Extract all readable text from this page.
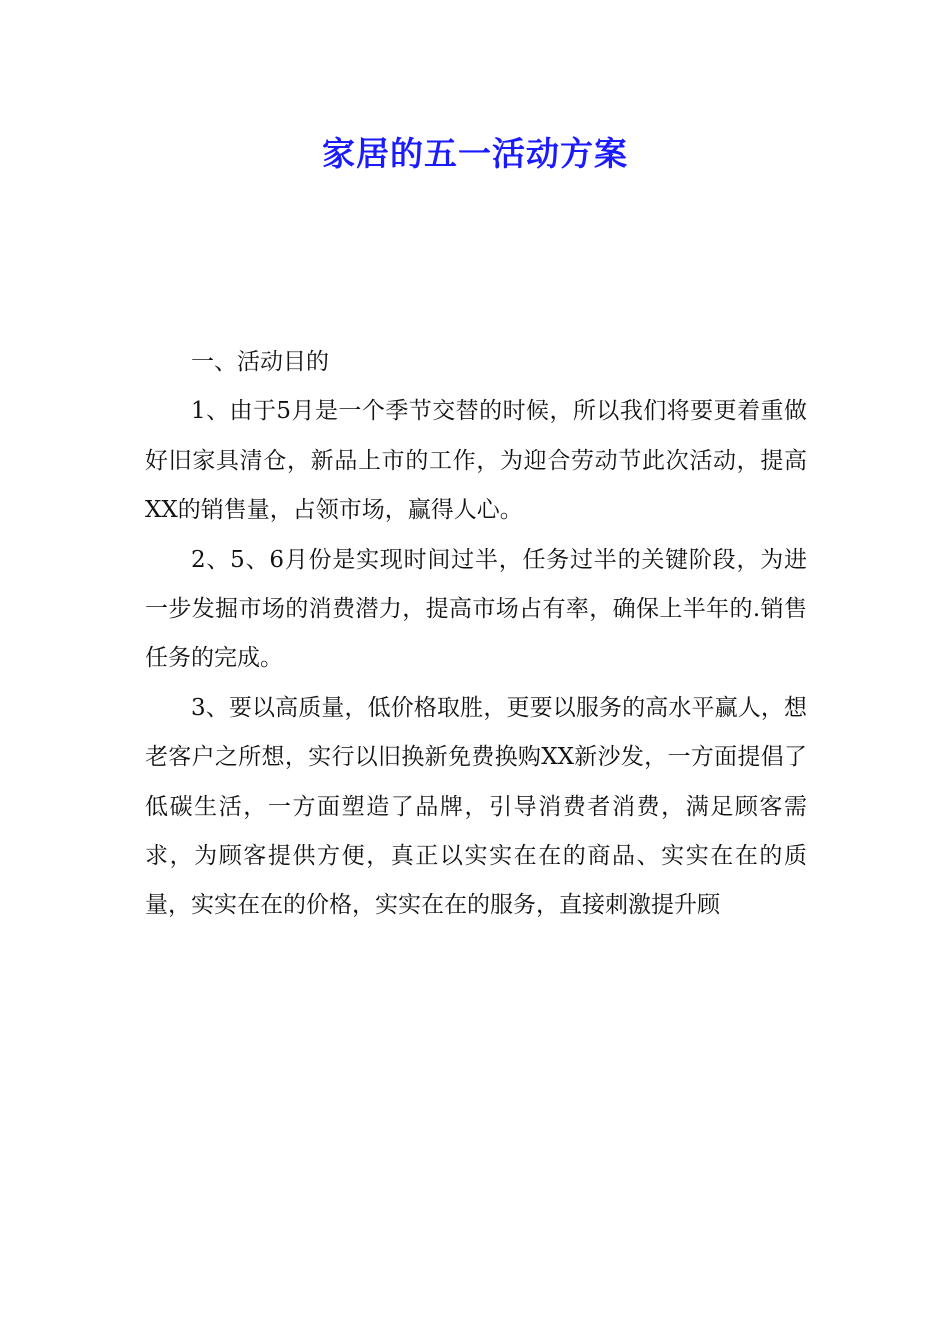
家居的五一活动方案

一、活动目的

1、由于5月是一个季节交替的时候，所以我们将要更着重做好旧家具清仓，新品上市的工作，为迎合劳动节此次活动，提高XX的销售量，占领市场，赢得人心。

2、5、6月份是实现时间过半，任务过半的关键阶段，为进一步发掘市场的消费潜力，提高市场占有率，确保上半年的.销售任务的完成。

3、要以高质量，低价格取胜，更要以服务的高水平赢人，想老客户之所想，实行以旧换新免费换购XX新沙发，一方面提倡了低碳生活，一方面塑造了品牌，引导消费者消费，满足顾客需求，为顾客提供方便，真正以实实在在的商品、实实在在的质量，实实在在的价格，实实在在的服务，直接刺激提升顾
